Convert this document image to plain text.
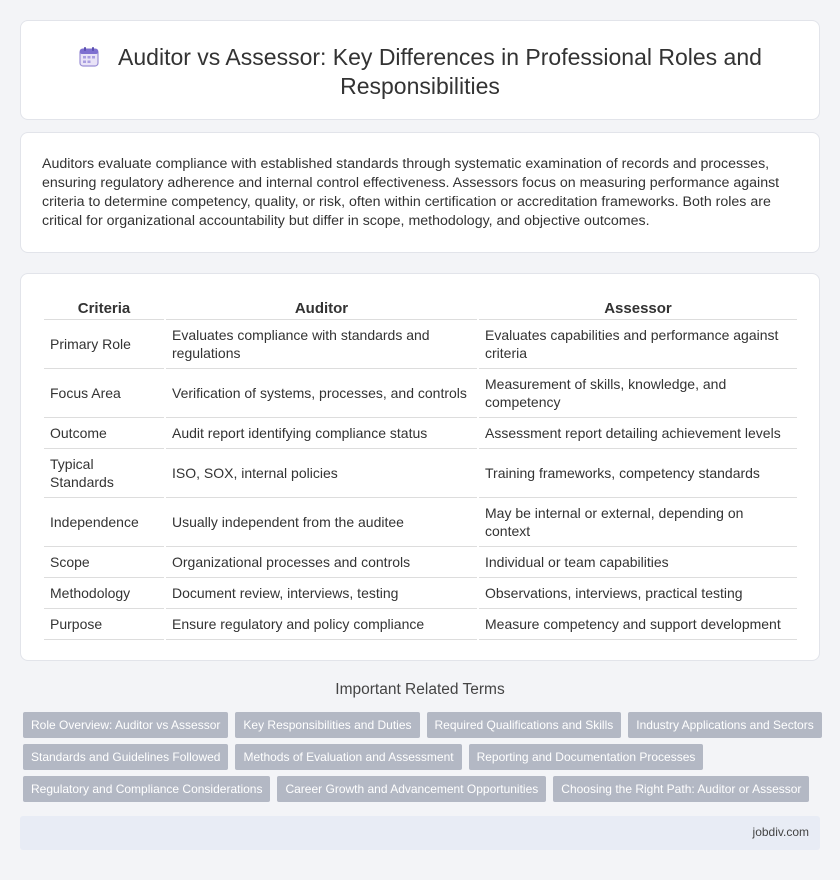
Auditor vs Assessor: Key Differences in Professional Roles and Responsibilities

Auditors evaluate compliance with established standards through systematic examination of records and processes, ensuring regulatory adherence and internal control effectiveness. Assessors focus on measuring performance against criteria to determine competency, quality, or risk, often within certification or accreditation frameworks. Both roles are critical for organizational accountability but differ in scope, methodology, and objective outcomes.

Criteria	Auditor	Assessor
Primary Role	Evaluates compliance with standards and regulations	Evaluates capabilities and performance against criteria
Focus Area	Verification of systems, processes, and controls	Measurement of skills, knowledge, and competency
Outcome	Audit report identifying compliance status	Assessment report detailing achievement levels
Typical Standards	ISO, SOX, internal policies	Training frameworks, competency standards
Independence	Usually independent from the auditee	May be internal or external, depending on context
Scope	Organizational processes and controls	Individual or team capabilities
Methodology	Document review, interviews, testing	Observations, interviews, practical testing
Purpose	Ensure regulatory and policy compliance	Measure competency and support development
Important Related Terms
Role Overview: Auditor vs Assessor	Key Responsibilities and Duties	Required Qualifications and Skills	Industry Applications and Sectors
Standards and Guidelines Followed	Methods of Evaluation and Assessment	Reporting and Documentation Processes
Regulatory and Compliance Considerations	Career Growth and Advancement Opportunities	Choosing the Right Path: Auditor or Assessor
jobdiv.com
